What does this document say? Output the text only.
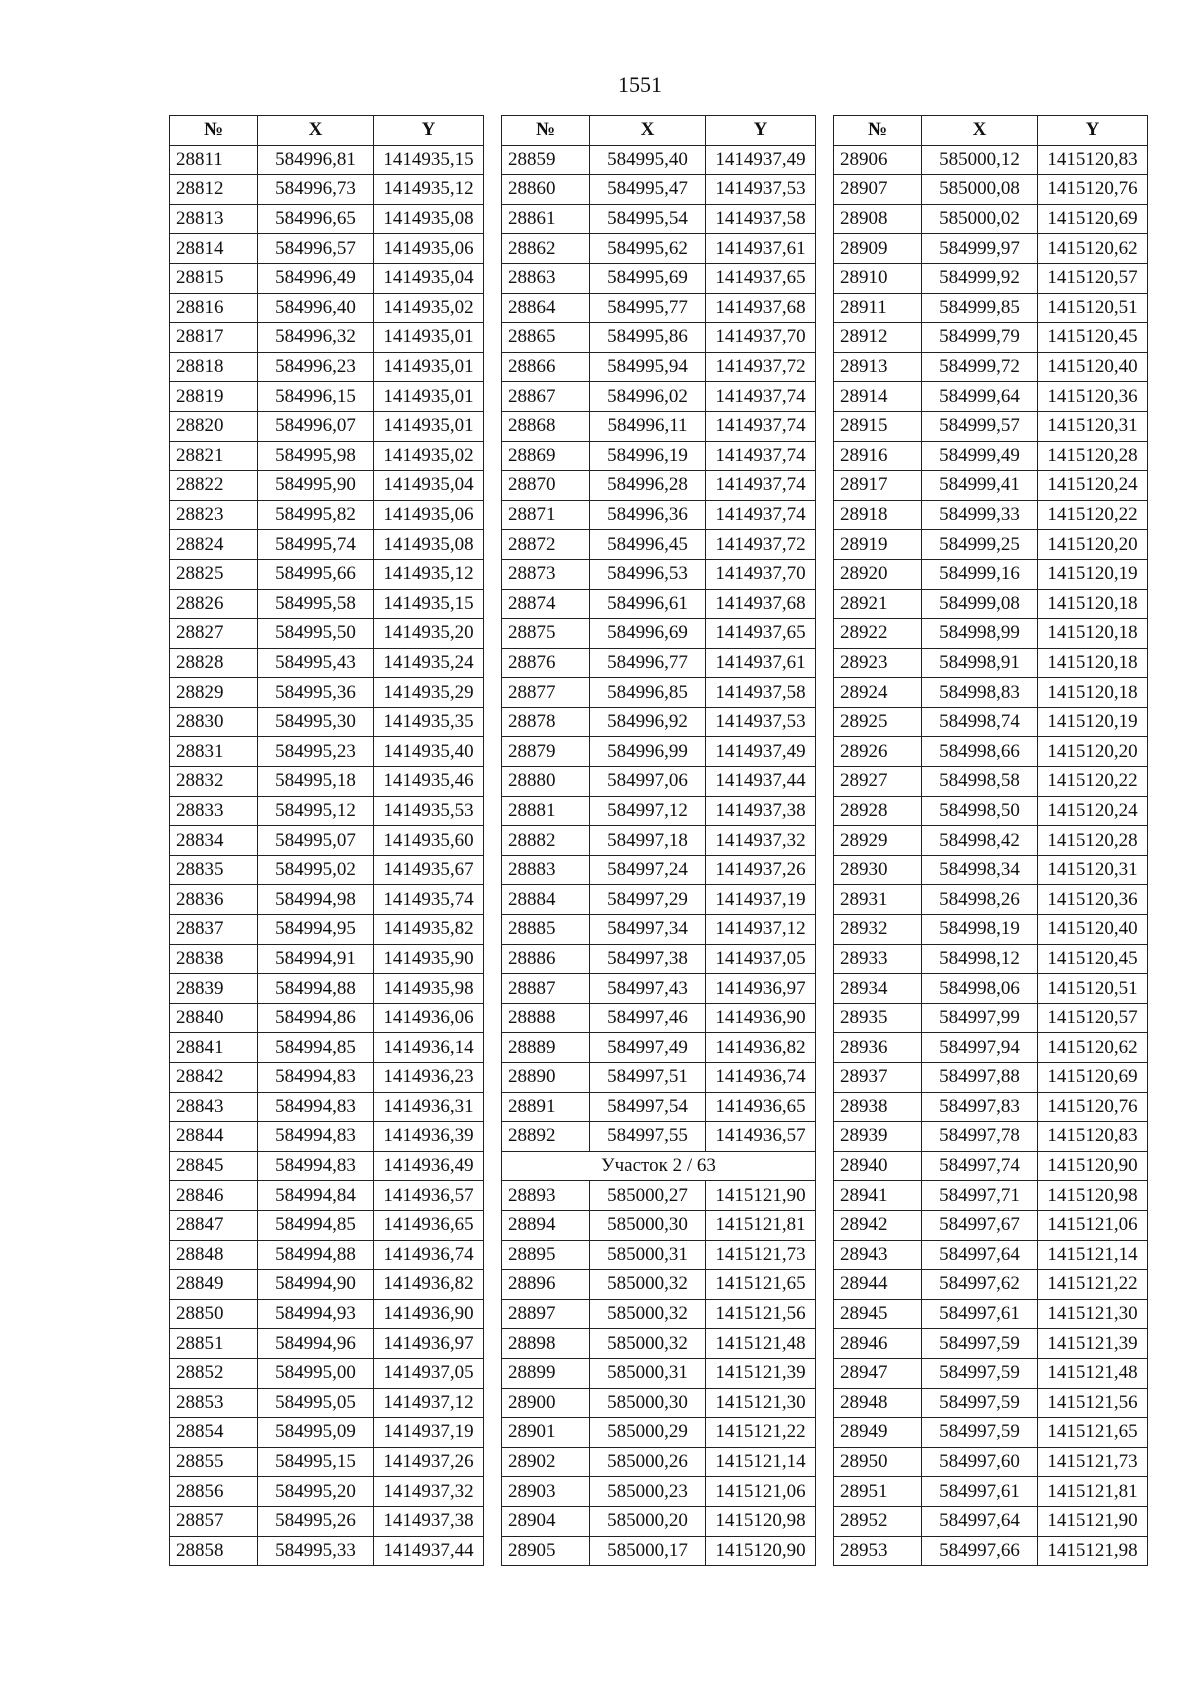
1551
№	X	Y
28811	584996,81	1414935,15
28812	584996,73	1414935,12
28813	584996,65	1414935,08
28814	584996,57	1414935,06
28815	584996,49	1414935,04
28816	584996,40	1414935,02
28817	584996,32	1414935,01
28818	584996,23	1414935,01
28819	584996,15	1414935,01
28820	584996,07	1414935,01
28821	584995,98	1414935,02
28822	584995,90	1414935,04
28823	584995,82	1414935,06
28824	584995,74	1414935,08
28825	584995,66	1414935,12
28826	584995,58	1414935,15
28827	584995,50	1414935,20
28828	584995,43	1414935,24
28829	584995,36	1414935,29
28830	584995,30	1414935,35
28831	584995,23	1414935,40
28832	584995,18	1414935,46
28833	584995,12	1414935,53
28834	584995,07	1414935,60
28835	584995,02	1414935,67
28836	584994,98	1414935,74
28837	584994,95	1414935,82
28838	584994,91	1414935,90
28839	584994,88	1414935,98
28840	584994,86	1414936,06
28841	584994,85	1414936,14
28842	584994,83	1414936,23
28843	584994,83	1414936,31
28844	584994,83	1414936,39
28845	584994,83	1414936,49
28846	584994,84	1414936,57
28847	584994,85	1414936,65
28848	584994,88	1414936,74
28849	584994,90	1414936,82
28850	584994,93	1414936,90
28851	584994,96	1414936,97
28852	584995,00	1414937,05
28853	584995,05	1414937,12
28854	584995,09	1414937,19
28855	584995,15	1414937,26
28856	584995,20	1414937,32
28857	584995,26	1414937,38
28858	584995,33	1414937,44
№	X	Y
28859	584995,40	1414937,49
28860	584995,47	1414937,53
28861	584995,54	1414937,58
28862	584995,62	1414937,61
28863	584995,69	1414937,65
28864	584995,77	1414937,68
28865	584995,86	1414937,70
28866	584995,94	1414937,72
28867	584996,02	1414937,74
28868	584996,11	1414937,74
28869	584996,19	1414937,74
28870	584996,28	1414937,74
28871	584996,36	1414937,74
28872	584996,45	1414937,72
28873	584996,53	1414937,70
28874	584996,61	1414937,68
28875	584996,69	1414937,65
28876	584996,77	1414937,61
28877	584996,85	1414937,58
28878	584996,92	1414937,53
28879	584996,99	1414937,49
28880	584997,06	1414937,44
28881	584997,12	1414937,38
28882	584997,18	1414937,32
28883	584997,24	1414937,26
28884	584997,29	1414937,19
28885	584997,34	1414937,12
28886	584997,38	1414937,05
28887	584997,43	1414936,97
28888	584997,46	1414936,90
28889	584997,49	1414936,82
28890	584997,51	1414936,74
28891	584997,54	1414936,65
28892	584997,55	1414936,57
Участок 2 / 63		
28893	585000,27	1415121,90
28894	585000,30	1415121,81
28895	585000,31	1415121,73
28896	585000,32	1415121,65
28897	585000,32	1415121,56
28898	585000,32	1415121,48
28899	585000,31	1415121,39
28900	585000,30	1415121,30
28901	585000,29	1415121,22
28902	585000,26	1415121,14
28903	585000,23	1415121,06
28904	585000,20	1415120,98
28905	585000,17	1415120,90
№	X	Y
28906	585000,12	1415120,83
28907	585000,08	1415120,76
28908	585000,02	1415120,69
28909	584999,97	1415120,62
28910	584999,92	1415120,57
28911	584999,85	1415120,51
28912	584999,79	1415120,45
28913	584999,72	1415120,40
28914	584999,64	1415120,36
28915	584999,57	1415120,31
28916	584999,49	1415120,28
28917	584999,41	1415120,24
28918	584999,33	1415120,22
28919	584999,25	1415120,20
28920	584999,16	1415120,19
28921	584999,08	1415120,18
28922	584998,99	1415120,18
28923	584998,91	1415120,18
28924	584998,83	1415120,18
28925	584998,74	1415120,19
28926	584998,66	1415120,20
28927	584998,58	1415120,22
28928	584998,50	1415120,24
28929	584998,42	1415120,28
28930	584998,34	1415120,31
28931	584998,26	1415120,36
28932	584998,19	1415120,40
28933	584998,12	1415120,45
28934	584998,06	1415120,51
28935	584997,99	1415120,57
28936	584997,94	1415120,62
28937	584997,88	1415120,69
28938	584997,83	1415120,76
28939	584997,78	1415120,83
28940	584997,74	1415120,90
28941	584997,71	1415120,98
28942	584997,67	1415121,06
28943	584997,64	1415121,14
28944	584997,62	1415121,22
28945	584997,61	1415121,30
28946	584997,59	1415121,39
28947	584997,59	1415121,48
28948	584997,59	1415121,56
28949	584997,59	1415121,65
28950	584997,60	1415121,73
28951	584997,61	1415121,81
28952	584997,64	1415121,90
28953	584997,66	1415121,98
